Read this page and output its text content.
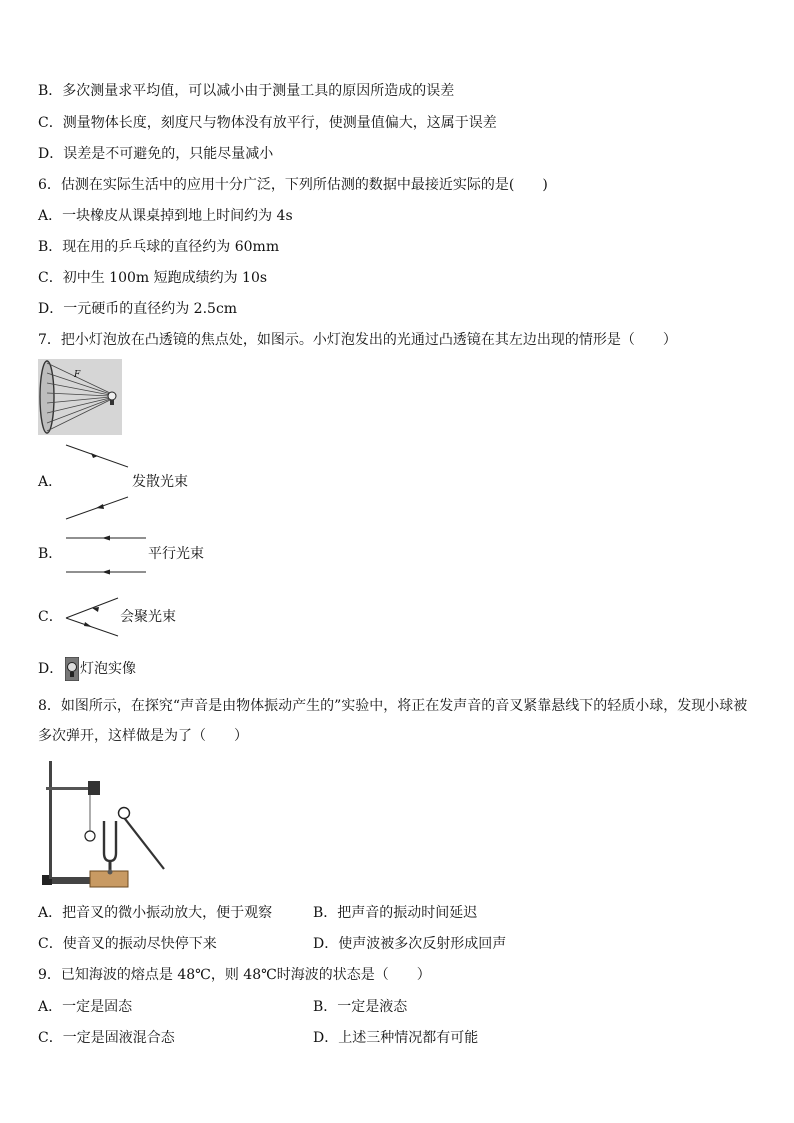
B．多次测量求平均值，可以减小由于测量工具的原因所造成的误差
C．测量物体长度，刻度尺与物体没有放平行，使测量值偏大，这属于误差
D．误差是不可避免的，只能尽量减小
6．估测在实际生活中的应用十分广泛，下列所估测的数据中最接近实际的是(　　)
A．一块橡皮从课桌掉到地上时间约为 4s
B．现在用的乒乓球的直径约为 60mm
C．初中生 100m 短跑成绩约为 10s
D．一元硬币的直径约为 2.5cm
7．把小灯泡放在凸透镜的焦点处，如图示。小灯泡发出的光通过凸透镜在其左边出现的情形是（　　）
F
A．	发散光束
B．	平行光束
C．	会聚光束
D． 灯泡实像
8．如图所示，在探究“声音是由物体振动产生的”实验中，将正在发声音的音叉紧靠悬线下的轻质小球，发现小球被
多次弹开，这样做是为了（　　）
A．把音叉的微小振动放大，便于观察	B．把声音的振动时间延迟
C．使音叉的振动尽快停下来	D．使声波被多次反射形成回声
9．已知海波的熔点是 48℃，则 48℃时海波的状态是（　　）
A．一定是固态	B．一定是液态
C．一定是固液混合态	D．上述三种情况都有可能
